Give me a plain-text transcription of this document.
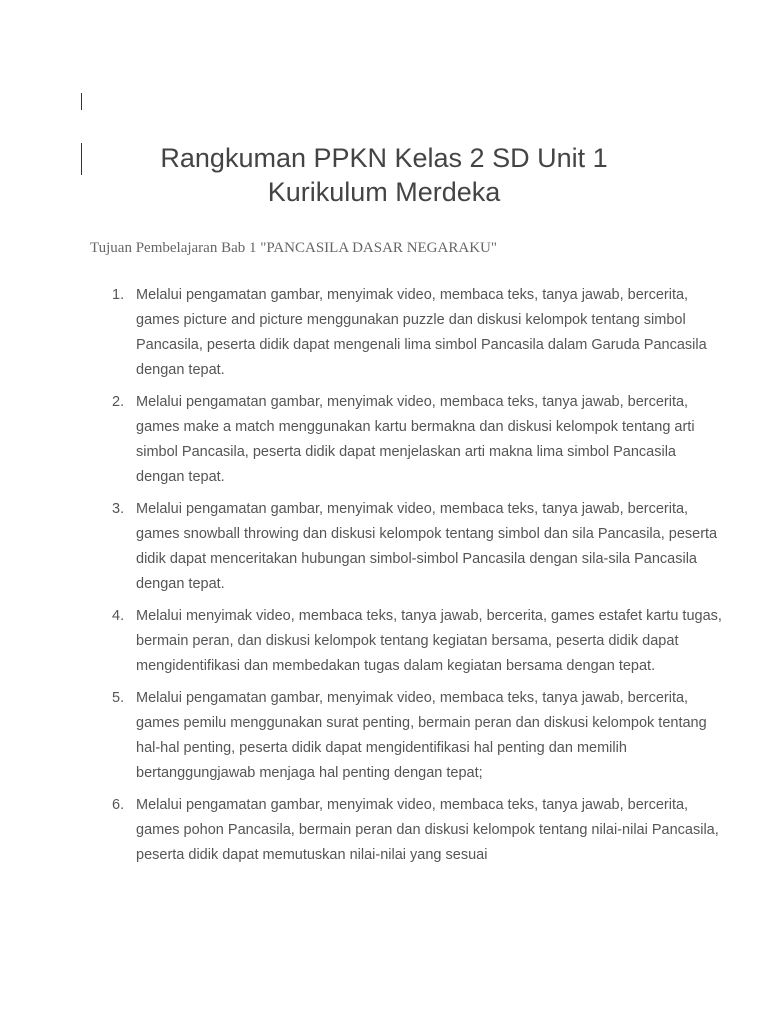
Rangkuman PPKN Kelas 2 SD Unit 1 Kurikulum Merdeka

Tujuan Pembelajaran Bab 1 "PANCASILA DASAR NEGARAKU"

1. Melalui pengamatan gambar, menyimak video, membaca teks, tanya jawab, bercerita, games picture and picture menggunakan puzzle dan diskusi kelompok tentang simbol Pancasila, peserta didik dapat mengenali lima simbol Pancasila dalam Garuda Pancasila dengan tepat.
2. Melalui pengamatan gambar, menyimak video, membaca teks, tanya jawab, bercerita, games make a match menggunakan kartu bermakna dan diskusi kelompok tentang arti simbol Pancasila, peserta didik dapat menjelaskan arti makna lima simbol Pancasila dengan tepat.
3. Melalui pengamatan gambar, menyimak video, membaca teks, tanya jawab, bercerita, games snowball throwing dan diskusi kelompok tentang simbol dan sila Pancasila, peserta didik dapat menceritakan hubungan simbol-simbol Pancasila dengan sila-sila Pancasila dengan tepat.
4. Melalui menyimak video, membaca teks, tanya jawab, bercerita, games estafet kartu tugas, bermain peran, dan diskusi kelompok tentang kegiatan bersama, peserta didik dapat mengidentifikasi dan membedakan tugas dalam kegiatan bersama dengan tepat.
5. Melalui pengamatan gambar, menyimak video, membaca teks, tanya jawab, bercerita, games pemilu menggunakan surat penting, bermain peran dan diskusi kelompok tentang hal-hal penting, peserta didik dapat mengidentifikasi hal penting dan memilih bertanggungjawab menjaga hal penting dengan tepat;
6. Melalui pengamatan gambar, menyimak video, membaca teks, tanya jawab, bercerita, games pohon Pancasila, bermain peran dan diskusi kelompok tentang nilai-nilai Pancasila, peserta didik dapat memutuskan nilai-nilai yang sesuai
